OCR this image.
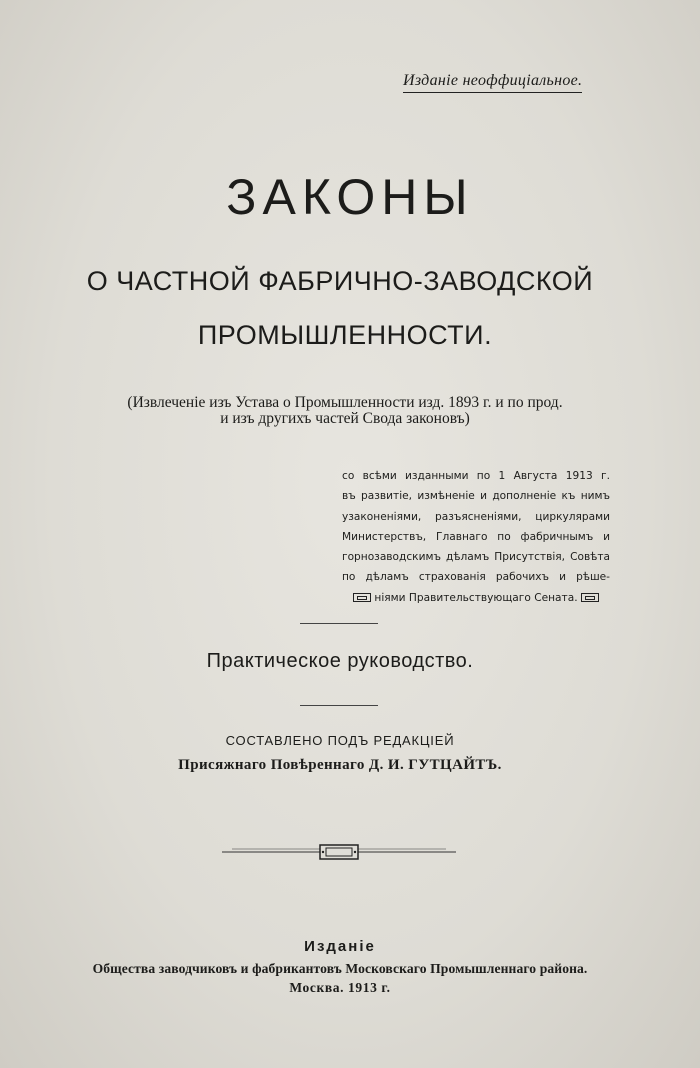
Изданіе неоффиціальное.
ЗАКОНЫ
О ЧАСТНОЙ ФАБРИЧНО-ЗАВОДСКОЙ
ПРОМЫШЛЕННОСТИ.
(Извлеченіе изъ Устава о Промышленности изд. 1893 г. и по прод.
и изъ другихъ частей Свода законовъ)
со всѣми изданными по 1 Августа 1913 г.
въ развитіе, измѣненіе и дополненіе къ нимъ
узаконеніями, разъясненіями, циркулярами
Министерствъ, Главнаго по фабричнымъ и
горнозаводскимъ дѣламъ Присутствія, Совѣта
по дѣламъ страхованія рабочихъ и рѣше-
ніями Правительствующаго Сената.
Практическое руководство.
СОСТАВЛЕНО ПОДЪ РЕДАКЦІЕЙ
Присяжнаго Повѣреннаго Д. И. ГУТЦАЙТЪ.
Изданіе
Общества заводчиковъ и фабрикантовъ Московскаго Промышленнаго района.
Москва. 1913 г.
